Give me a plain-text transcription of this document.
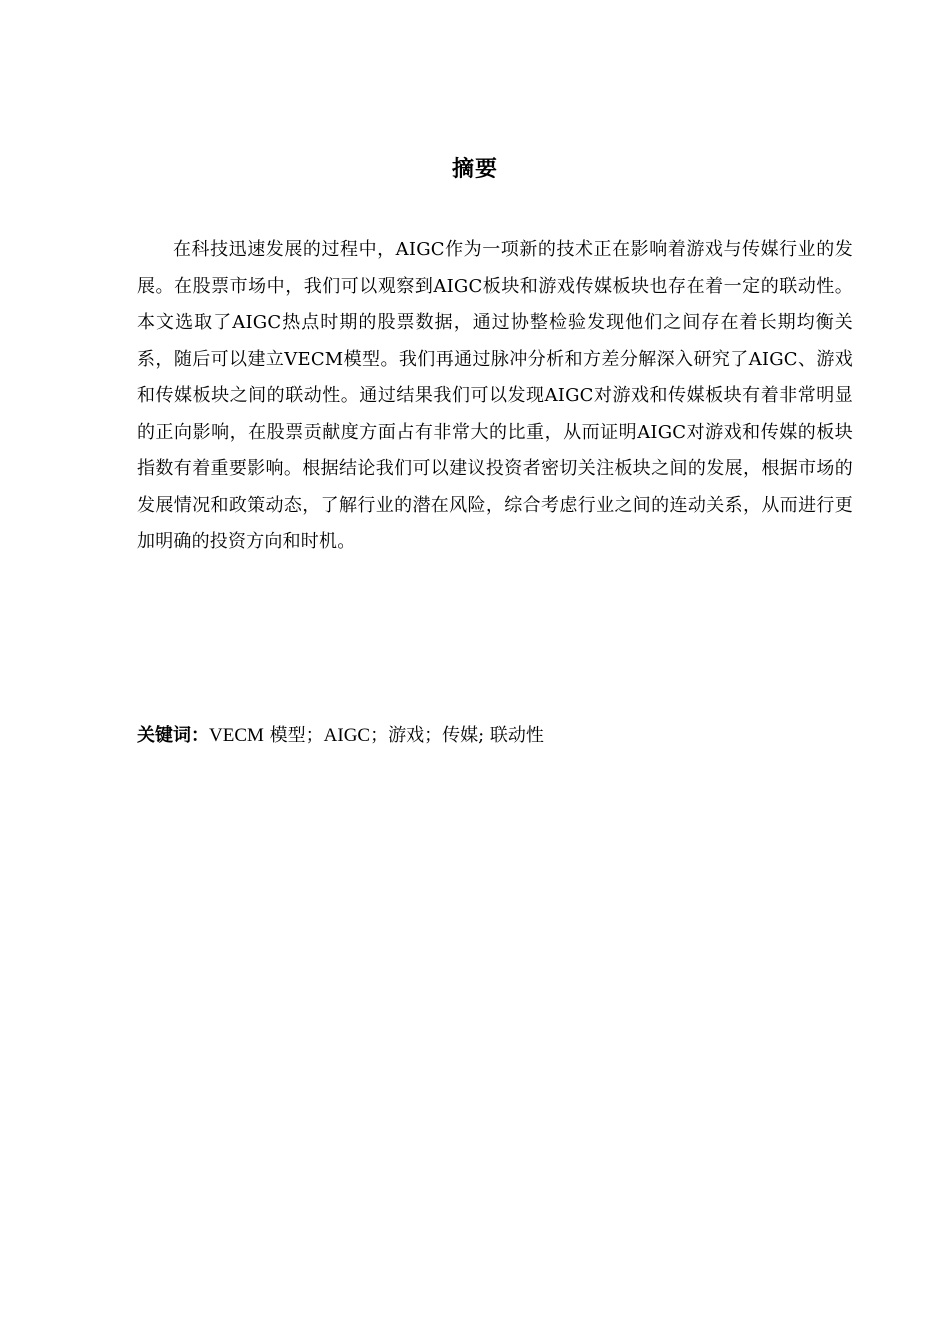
摘要

在科技迅速发展的过程中，AIGC作为一项新的技术正在影响着游戏与传媒行业的发展。在股票市场中，我们可以观察到AIGC板块和游戏传媒板块也存在着一定的联动性。本文选取了AIGC热点时期的股票数据，通过协整检验发现他们之间存在着长期均衡关系，随后可以建立VECM模型。我们再通过脉冲分析和方差分解深入研究了AIGC、游戏和传媒板块之间的联动性。通过结果我们可以发现AIGC对游戏和传媒板块有着非常明显的正向影响，在股票贡献度方面占有非常大的比重，从而证明AIGC对游戏和传媒的板块指数有着重要影响。根据结论我们可以建议投资者密切关注板块之间的发展，根据市场的发展情况和政策动态，了解行业的潜在风险，综合考虑行业之间的连动关系，从而进行更加明确的投资方向和时机。

关键词：VECM 模型；AIGC；游戏；传媒; 联动性
